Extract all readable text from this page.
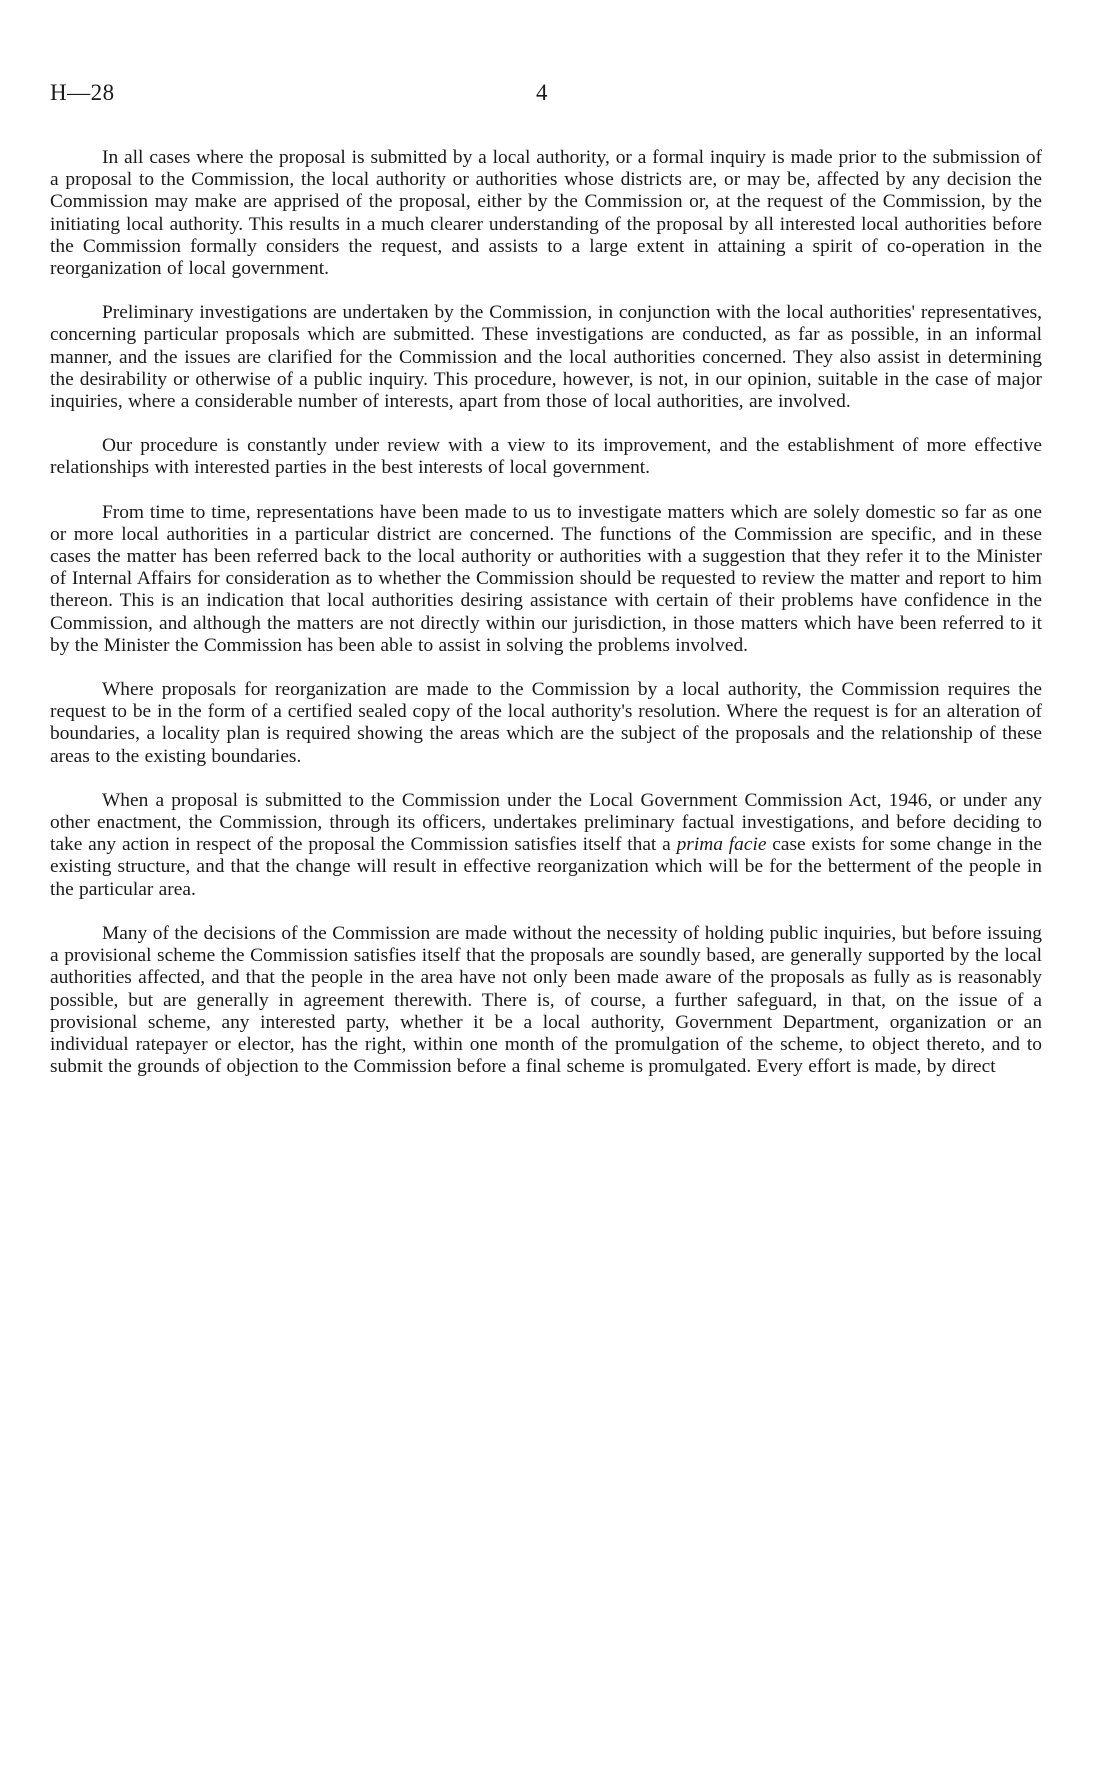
H—28	4

In all cases where the proposal is submitted by a local authority, or a formal inquiry is made prior to the submission of a proposal to the Commission, the local authority or authorities whose districts are, or may be, affected by any decision the Commission may make are apprised of the proposal, either by the Commission or, at the request of the Commission, by the initiating local authority. This results in a much clearer understanding of the proposal by all interested local authorities before the Commission formally considers the request, and assists to a large extent in attaining a spirit of co-operation in the reorganization of local government.

Preliminary investigations are undertaken by the Commission, in conjunction with the local authorities' representatives, concerning particular proposals which are submitted. These investigations are conducted, as far as possible, in an informal manner, and the issues are clarified for the Commission and the local authorities concerned. They also assist in determining the desirability or otherwise of a public inquiry. This procedure, however, is not, in our opinion, suitable in the case of major inquiries, where a considerable number of interests, apart from those of local authorities, are involved.

Our procedure is constantly under review with a view to its improvement, and the establishment of more effective relationships with interested parties in the best interests of local government.

From time to time, representations have been made to us to investigate matters which are solely domestic so far as one or more local authorities in a particular district are concerned. The functions of the Commission are specific, and in these cases the matter has been referred back to the local authority or authorities with a suggestion that they refer it to the Minister of Internal Affairs for consideration as to whether the Commission should be requested to review the matter and report to him thereon. This is an indication that local authorities desiring assistance with certain of their problems have confidence in the Commission, and although the matters are not directly within our jurisdiction, in those matters which have been referred to it by the Minister the Commission has been able to assist in solving the problems involved.

Where proposals for reorganization are made to the Commission by a local authority, the Commission requires the request to be in the form of a certified sealed copy of the local authority's resolution. Where the request is for an alteration of boundaries, a locality plan is required showing the areas which are the subject of the proposals and the relationship of these areas to the existing boundaries.

When a proposal is submitted to the Commission under the Local Government Commission Act, 1946, or under any other enactment, the Commission, through its officers, undertakes preliminary factual investigations, and before deciding to take any action in respect of the proposal the Commission satisfies itself that a prima facie case exists for some change in the existing structure, and that the change will result in effective reorganization which will be for the betterment of the people in the particular area.

Many of the decisions of the Commission are made without the necessity of holding public inquiries, but before issuing a provisional scheme the Commission satisfies itself that the proposals are soundly based, are generally supported by the local authorities affected, and that the people in the area have not only been made aware of the proposals as fully as is reasonably possible, but are generally in agreement therewith. There is, of course, a further safeguard, in that, on the issue of a provisional scheme, any interested party, whether it be a local authority, Government Department, organization or an individual ratepayer or elector, has the right, within one month of the promulgation of the scheme, to object thereto, and to submit the grounds of objection to the Commission before a final scheme is promulgated. Every effort is made, by direct
